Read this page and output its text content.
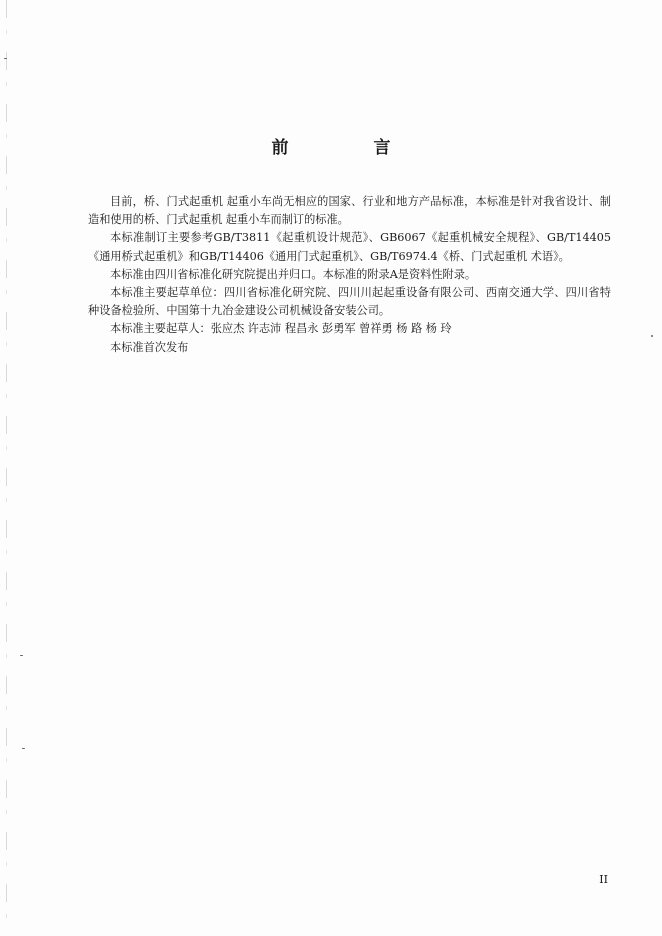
前　言

目前，桥、门式起重机 起重小车尚无相应的国家、行业和地方产品标准，本标准是针对我省设计、制造和使用的桥、门式起重机 起重小车而制订的标准。

本标准制订主要参考GB/T3811《起重机设计规范》、GB6067《起重机械安全规程》、GB/T14405《通用桥式起重机》和GB/T14406《通用门式起重机》、GB/T6974.4《桥、门式起重机 术语》。

本标准由四川省标准化研究院提出并归口。本标准的附录A是资料性附录。

本标准主要起草单位：四川省标准化研究院、四川川起起重设备有限公司、西南交通大学、四川省特种设备检验所、中国第十九冶金建设公司机械设备安装公司。

本标准主要起草人：张应杰 许志沛 程昌永 彭勇军 曾祥勇 杨 路 杨 玲

本标准首次发布

II
